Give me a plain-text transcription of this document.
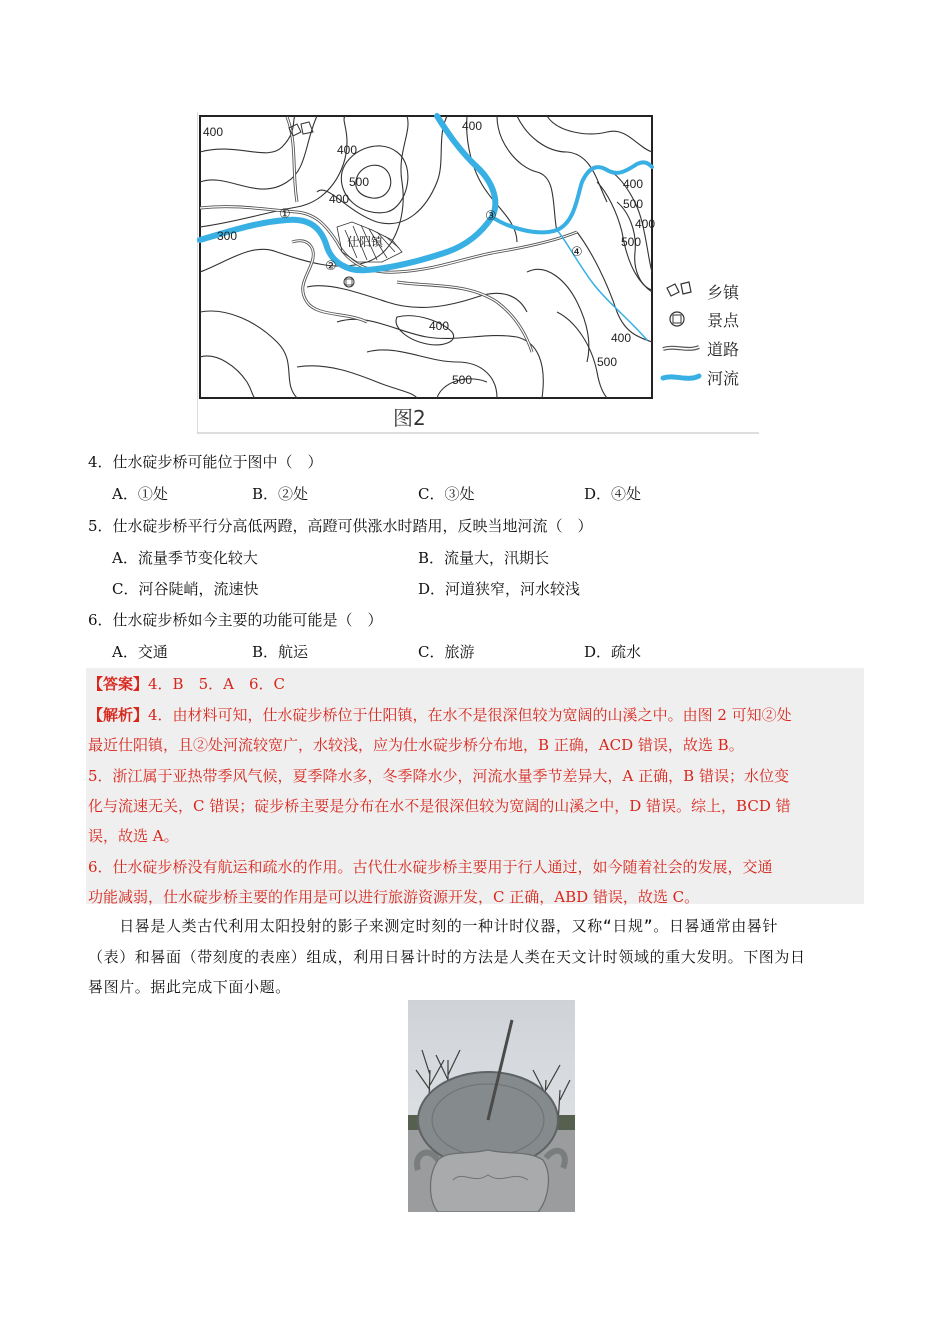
400	400
400
500
400
300
400
500
400
500
400
400
500
500
①
②
③
④
仕阳镇
图2
乡镇
景点
道路
河流
4．仕水碇步桥可能位于图中（　）
A．①处	B．②处	C．③处	D．④处
5．仕水碇步桥平行分高低两蹬，高蹬可供涨水时踏用，反映当地河流（　）
A．流量季节变化较大	B．流量大，汛期长
C．河谷陡峭，流速快	D．河道狭窄，河水较浅
6．仕水碇步桥如今主要的功能可能是（　）
A．交通	B．航运	C．旅游	D．疏水
【答案】4．B　5．A　6．C
【解析】4．由材料可知，仕水碇步桥位于仕阳镇，在水不是很深但较为宽阔的山溪之中。由图 2 可知②处
最近仕阳镇，且②处河流较宽广，水较浅，应为仕水碇步桥分布地，B 正确，ACD 错误，故选 B。
5．浙江属于亚热带季风气候，夏季降水多，冬季降水少，河流水量季节差异大，A 正确，B 错误；水位变
化与流速无关，C 错误；碇步桥主要是分布在水不是很深但较为宽阔的山溪之中，D 错误。综上，BCD 错
误，故选 A。
6．仕水碇步桥没有航运和疏水的作用。古代仕水碇步桥主要用于行人通过，如今随着社会的发展，交通
功能减弱，仕水碇步桥主要的作用是可以进行旅游资源开发，C 正确，ABD 错误，故选 C。
　　日晷是人类古代利用太阳投射的影子来测定时刻的一种计时仪器，又称“日规”。日晷通常由晷针
（表）和晷面（带刻度的表座）组成，利用日晷计时的方法是人类在天文计时领域的重大发明。下图为日
晷图片。据此完成下面小题。
